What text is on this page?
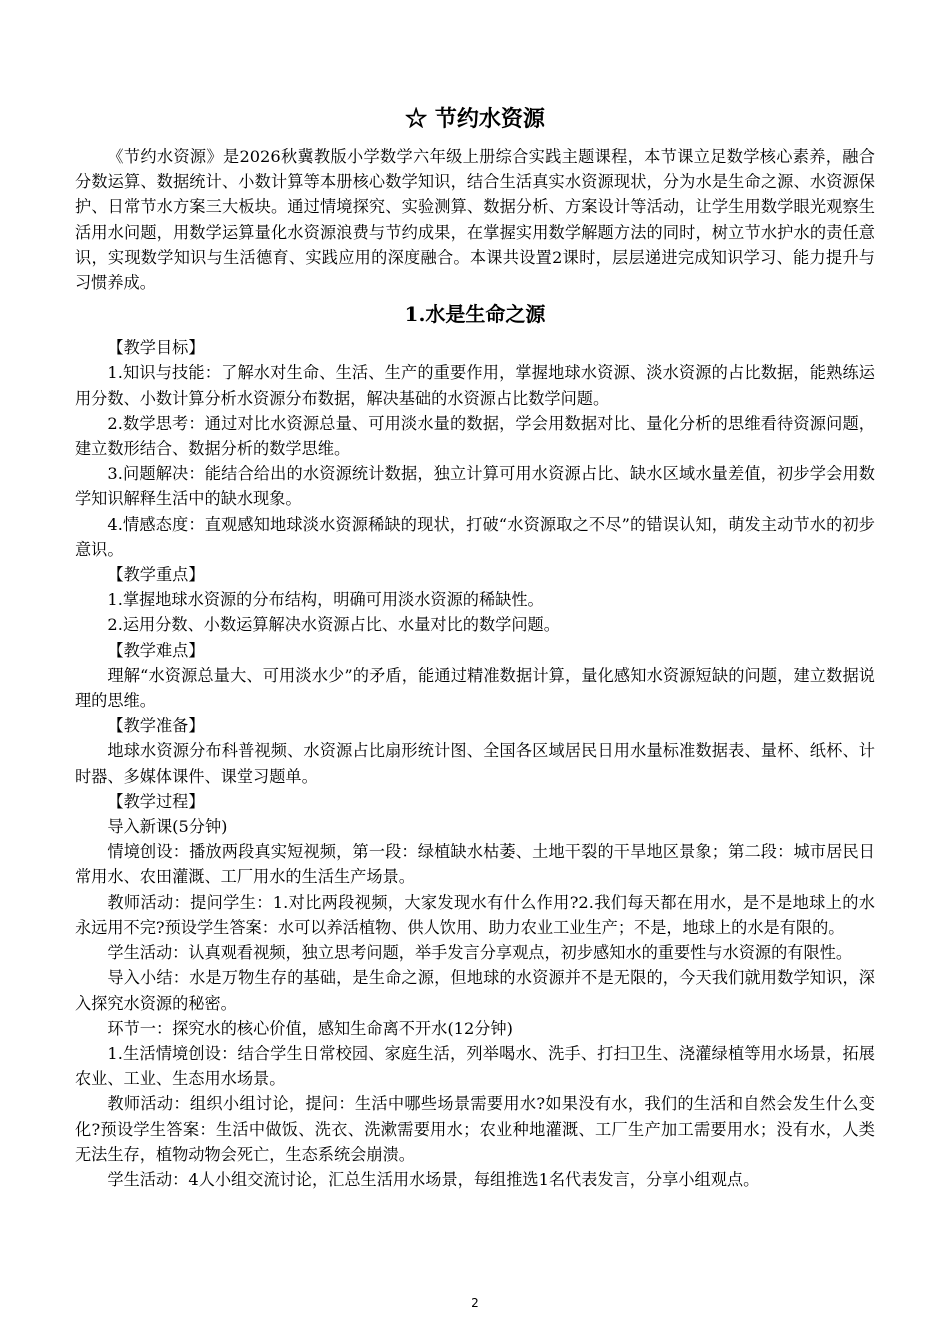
☆ 节约水资源

《节约水资源》是2026秋冀教版小学数学六年级上册综合实践主题课程，本节课立足数学核心素养，融合分数运算、数据统计、小数计算等本册核心数学知识，结合生活真实水资源现状，分为水是生命之源、水资源保护、日常节水方案三大板块。通过情境探究、实验测算、数据分析、方案设计等活动，让学生用数学眼光观察生活用水问题，用数学运算量化水资源浪费与节约成果，在掌握实用数学解题方法的同时，树立节水护水的责任意识，实现数学知识与生活德育、实践应用的深度融合。本课共设置2课时，层层递进完成知识学习、能力提升与习惯养成。

1.水是生命之源

【教学目标】

1.知识与技能：了解水对生命、生活、生产的重要作用，掌握地球水资源、淡水资源的占比数据，能熟练运用分数、小数计算分析水资源分布数据，解决基础的水资源占比数学问题。

2.数学思考：通过对比水资源总量、可用淡水量的数据，学会用数据对比、量化分析的思维看待资源问题，建立数形结合、数据分析的数学思维。

3.问题解决：能结合给出的水资源统计数据，独立计算可用水资源占比、缺水区域水量差值，初步学会用数学知识解释生活中的缺水现象。

4.情感态度：直观感知地球淡水资源稀缺的现状，打破“水资源取之不尽”的错误认知，萌发主动节水的初步意识。

【教学重点】

1.掌握地球水资源的分布结构，明确可用淡水资源的稀缺性。

2.运用分数、小数运算解决水资源占比、水量对比的数学问题。

【教学难点】

理解“水资源总量大、可用淡水少”的矛盾，能通过精准数据计算，量化感知水资源短缺的问题，建立数据说理的思维。

【教学准备】

地球水资源分布科普视频、水资源占比扇形统计图、全国各区域居民日用水量标准数据表、量杯、纸杯、计时器、多媒体课件、课堂习题单。

【教学过程】

导入新课(5分钟)

情境创设：播放两段真实短视频，第一段：绿植缺水枯萎、土地干裂的干旱地区景象；第二段：城市居民日常用水、农田灌溉、工厂用水的生活生产场景。

教师活动：提问学生：1.对比两段视频，大家发现水有什么作用?2.我们每天都在用水，是不是地球上的水永远用不完?预设学生答案：水可以养活植物、供人饮用、助力农业工业生产；不是，地球上的水是有限的。

学生活动：认真观看视频，独立思考问题，举手发言分享观点，初步感知水的重要性与水资源的有限性。

导入小结：水是万物生存的基础，是生命之源，但地球的水资源并不是无限的，今天我们就用数学知识，深入探究水资源的秘密。

环节一：探究水的核心价值，感知生命离不开水(12分钟)

1.生活情境创设：结合学生日常校园、家庭生活，列举喝水、洗手、打扫卫生、浇灌绿植等用水场景，拓展农业、工业、生态用水场景。

教师活动：组织小组讨论，提问：生活中哪些场景需要用水?如果没有水，我们的生活和自然会发生什么变化?预设学生答案：生活中做饭、洗衣、洗漱需要用水；农业种地灌溉、工厂生产加工需要用水；没有水，人类无法生存，植物动物会死亡，生态系统会崩溃。

学生活动：4人小组交流讨论，汇总生活用水场景，每组推选1名代表发言，分享小组观点。

2
